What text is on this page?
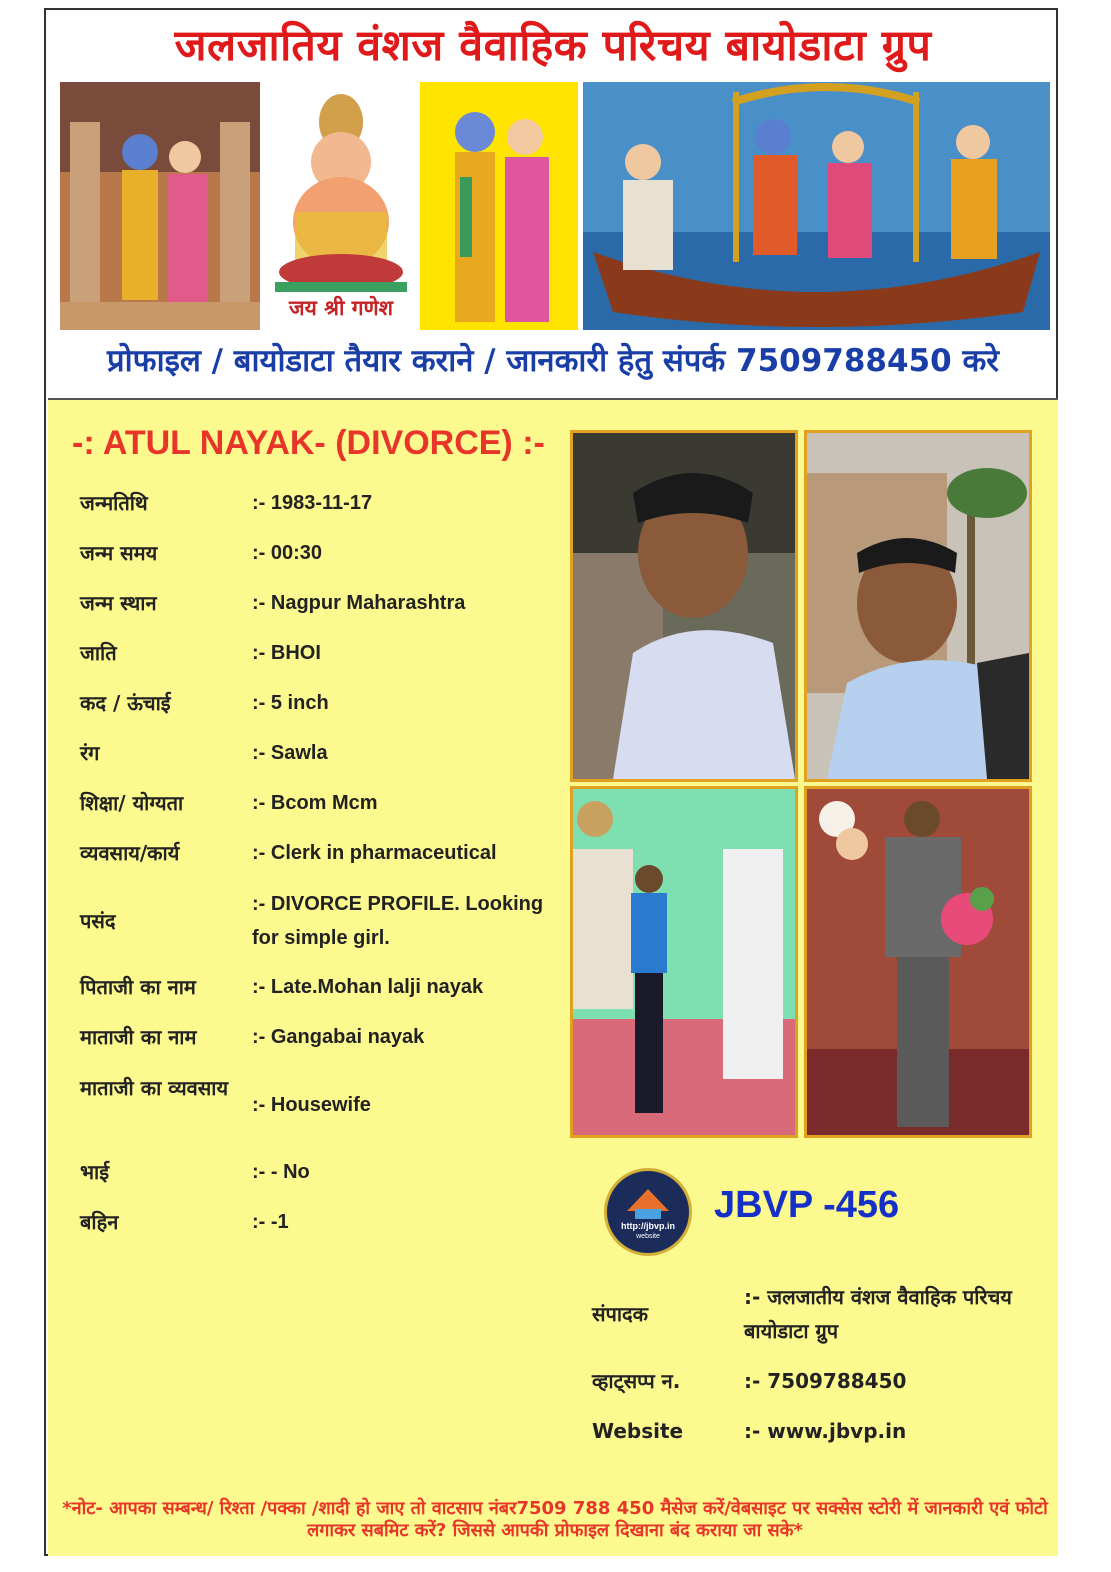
जलजातिय वंशज वैवाहिक परिचय बायोडाटा ग्रुप
जय श्री गणेश
प्रोफाइल / बायोडाटा तैयार कराने / जानकारी हेतु संपर्क 7509788450 करे
-: ATUL NAYAK- (DIVORCE) :-
जन्मतिथि	:- 1983-11-17
जन्म समय	:- 00:30
जन्म स्थान	:- Nagpur Maharashtra
जाति	:- BHOI
कद / ऊंचाई	:- 5 inch
रंग	:- Sawla
शिक्षा/ योग्यता	:- Bcom Mcm
व्यवसाय/कार्य	:- Clerk in pharmaceutical
पसंद
:- DIVORCE PROFILE. Looking for simple girl.
पिताजी का नाम	:- Late.Mohan lalji nayak
माताजी का नाम	:- Gangabai nayak
माताजी का व्यवसाय
:- Housewife
भाई	:- - No
बहिन	:- -1	http://jbvp.in
website
JBVP -456
संपादक
:- जलजातीय वंशज वैवाहिक परिचय बायोडाटा ग्रुप
व्हाट्सप्प न.	:- 7509788450
Website	:- www.jbvp.in
*नोट- आपका सम्बन्ध/ रिश्ता /पक्का /शादी हो जाए तो वाटसाप नंबर7509 788 450 मैसेज करें/वेबसाइट पर सक्सेस स्टोरी में जानकारी एवं फोटो लगाकर सबमिट करें? जिससे आपकी प्रोफाइल दिखाना बंद कराया जा सके*
